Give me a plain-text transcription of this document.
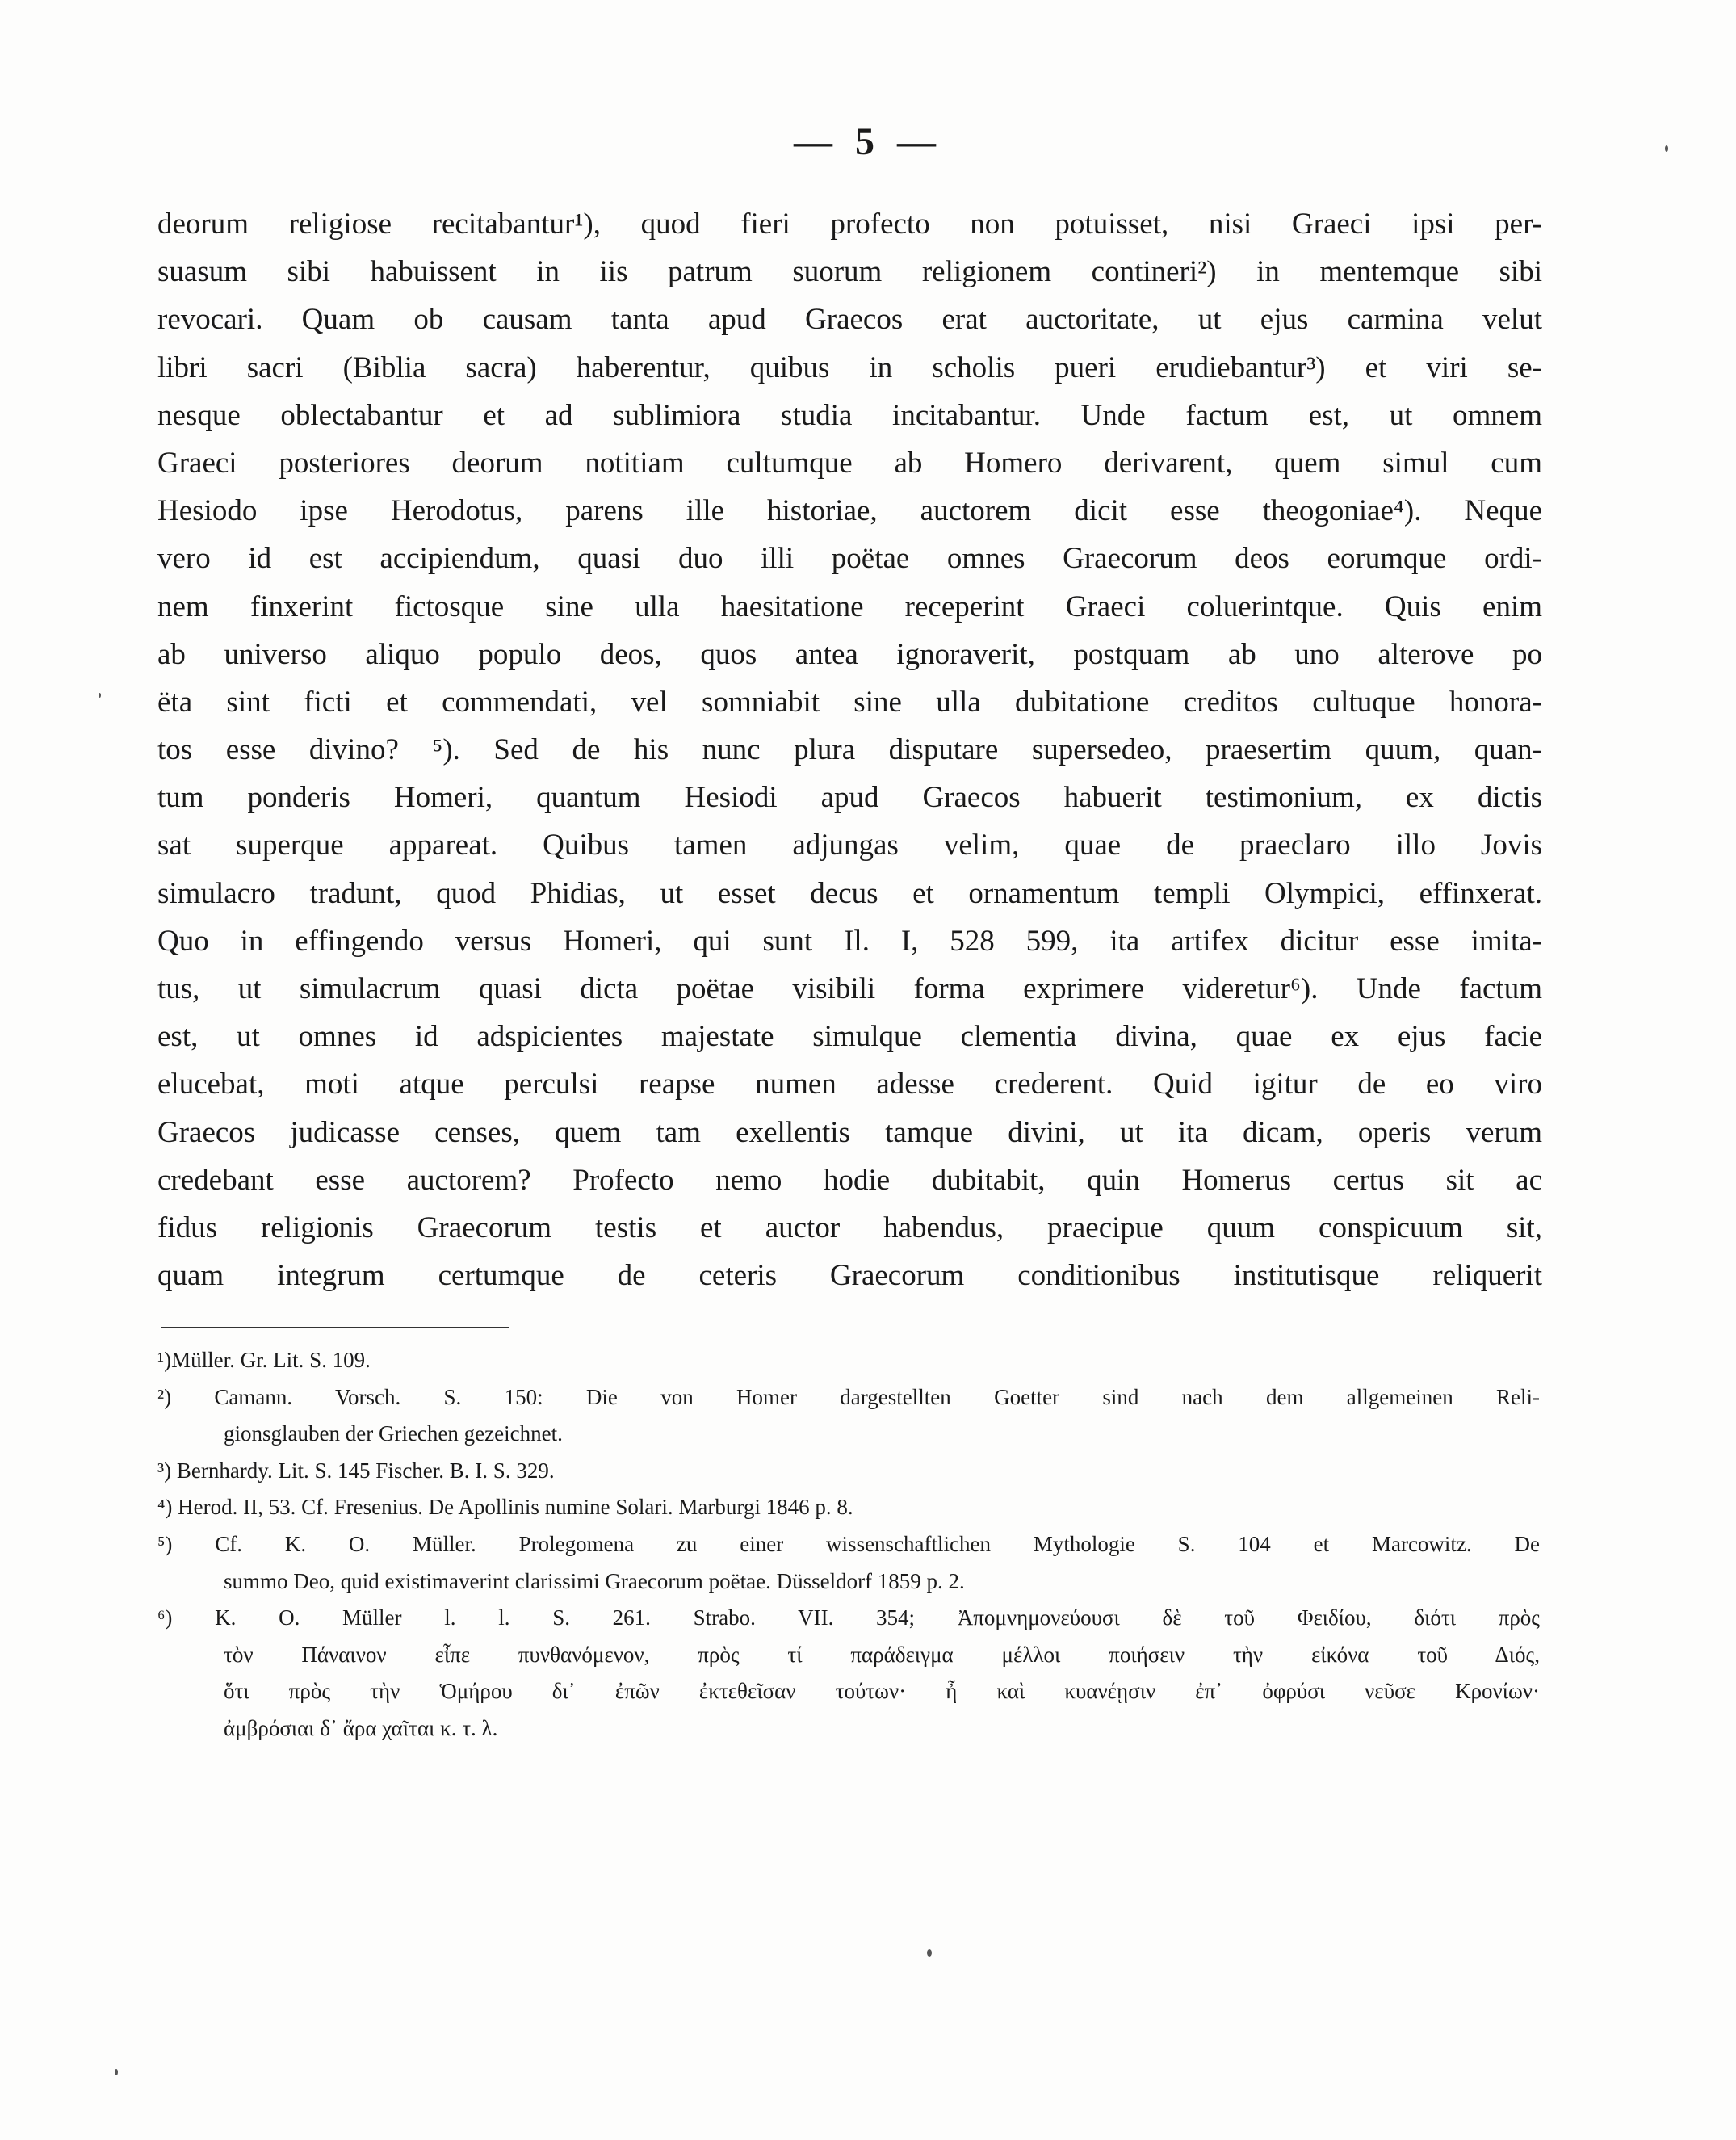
— 5 —
deorum religiose recitabantur¹), quod fieri profecto non potuisset, nisi Graeci ipsi per-
suasum sibi habuissent in iis patrum suorum religionem contineri²) in mentemque sibi
revocari. Quam ob causam tanta apud Graecos erat auctoritate, ut ejus carmina velut
libri sacri (Biblia sacra) haberentur, quibus in scholis pueri erudiebantur³) et viri se-
nesque oblectabantur et ad sublimiora studia incitabantur. Unde factum est, ut omnem
Graeci posteriores deorum notitiam cultumque ab Homero derivarent, quem simul cum
Hesiodo ipse Herodotus, parens ille historiae, auctorem dicit esse theogoniae⁴). Neque
vero id est accipiendum, quasi duo illi poëtae omnes Graecorum deos eorumque ordi-
nem finxerint fictosque sine ulla haesitatione receperint Graeci coluerintque. Quis enim
ab universo aliquo populo deos, quos antea ignoraverit, postquam ab uno alterove po
ëta sint ficti et commendati, vel somniabit sine ulla dubitatione creditos cultuque honora-
tos esse divino? ⁵). Sed de his nunc plura disputare supersedeo, praesertim quum, quan-
tum ponderis Homeri, quantum Hesiodi apud Graecos habuerit testimonium, ex dictis
sat superque appareat. Quibus tamen adjungas velim, quae de praeclaro illo Jovis
simulacro tradunt, quod Phidias, ut esset decus et ornamentum templi Olympici, effinxerat.
Quo in effingendo versus Homeri, qui sunt Il. I, 528 599, ita artifex dicitur esse imita-
tus, ut simulacrum quasi dicta poëtae visibili forma exprimere videretur⁶). Unde factum
est, ut omnes id adspicientes majestate simulque clementia divina, quae ex ejus facie
elucebat, moti atque perculsi reapse numen adesse crederent. Quid igitur de eo viro
Graecos judicasse censes, quem tam exellentis tamque divini, ut ita dicam, operis verum
credebant esse auctorem? Profecto nemo hodie dubitabit, quin Homerus certus sit ac
fidus religionis Graecorum testis et auctor habendus, praecipue quum conspicuum sit,
quam integrum certumque de ceteris Graecorum conditionibus institutisque reliquerit
¹)Müller. Gr. Lit. S. 109.
²) Camann. Vorsch. S. 150: Die von Homer dargestellten Goetter sind nach dem allgemeinen Reli-
gionsglauben der Griechen gezeichnet.
³) Bernhardy. Lit. S. 145 Fischer. B. I. S. 329.
⁴) Herod. II, 53. Cf. Fresenius. De Apollinis numine Solari. Marburgi 1846 p. 8.
⁵) Cf. K. O. Müller. Prolegomena zu einer wissenschaftlichen Mythologie S. 104 et Marcowitz. De
summo Deo, quid existimaverint clarissimi Graecorum poëtae. Düsseldorf 1859 p. 2.
⁶) K. O. Müller l. l. S. 261. Strabo. VII. 354; Ἀπομνημονεύουσι δὲ τοῦ Φειδίου, διότι πρὸς
τὸν Πάναινον εἶπε πυνθανόμενον, πρὸς τί παράδειγμα μέλλοι ποιήσειν τὴν εἰκόνα τοῦ Διός,
ὅτι πρὸς τὴν Ὁμήρου δι᾽ ἐπῶν ἐκτεθεῖσαν τούτων· ἦ καὶ κυανέῃσιν ἐπ᾽ ὀφρύσι νεῦσε Κρονίων·
ἀμβρόσιαι δ᾽ ἄρα χαῖται κ. τ. λ.
